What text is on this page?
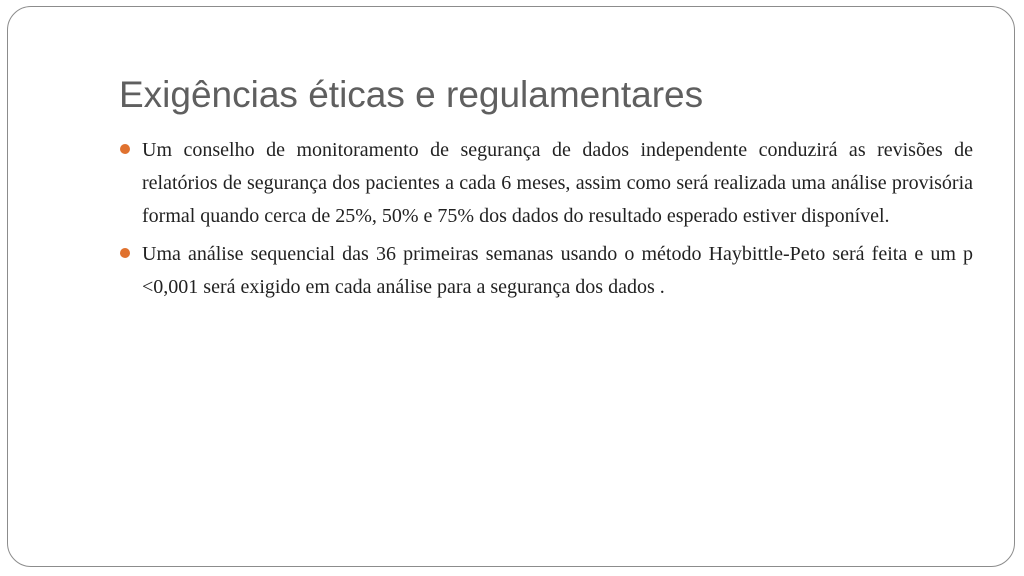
Exigências éticas e regulamentares
Um conselho de monitoramento de segurança de dados independente conduzirá as revisões de relatórios de segurança dos pacientes a cada 6 meses, assim como será realizada uma análise provisória formal quando cerca de 25%, 50% e 75% dos dados do resultado esperado estiver disponível.
Uma análise sequencial das 36 primeiras semanas usando o método Haybittle-Peto será feita e um p <0,001 será exigido em cada análise para a segurança dos dados .
